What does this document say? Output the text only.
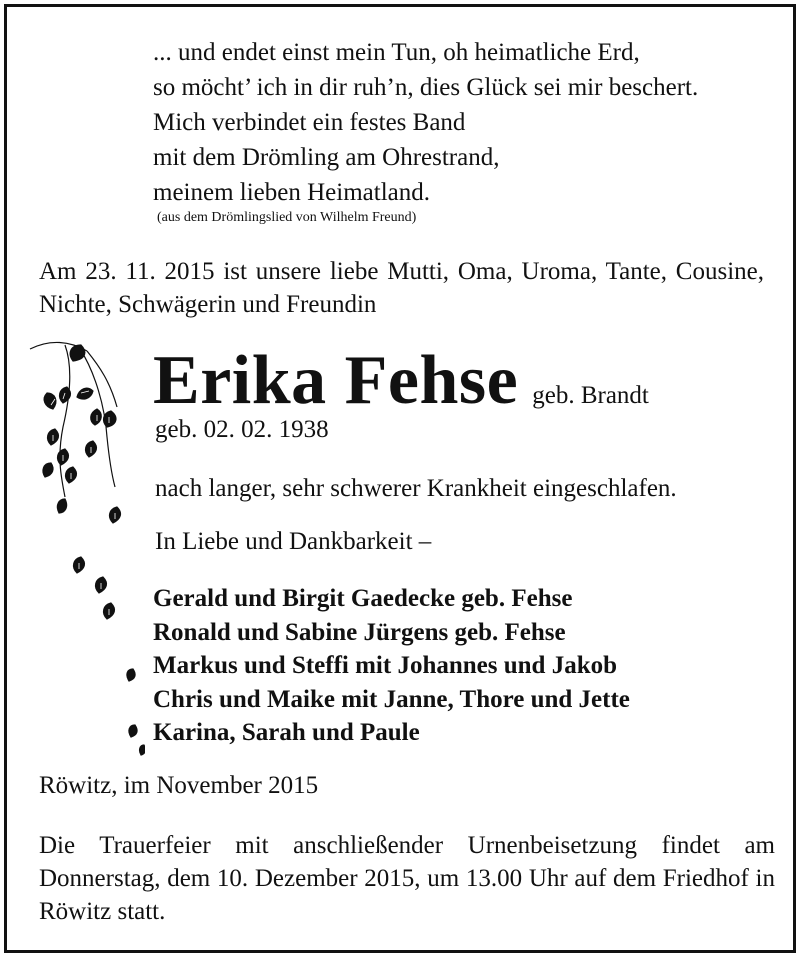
... und endet einst mein Tun, oh heimatliche Erd,
so möcht’ ich in dir ruh’n, dies Glück sei mir beschert.
Mich verbindet ein festes Band
mit dem Drömling am Ohrestrand,
meinem lieben Heimatland.
(aus dem Drömlingslied von Wilhelm Freund)
Am 23. 11. 2015 ist unsere liebe Mutti, Oma, Uroma, Tante, Cousine, Nichte, Schwägerin und Freundin
Erika Fehse geb. Brandt
geb. 02. 02. 1938
nach langer, sehr schwerer Krankheit eingeschlafen.
In Liebe und Dankbarkeit –
Gerald und Birgit Gaedecke geb. Fehse
Ronald und Sabine Jürgens geb. Fehse
Markus und Steffi mit Johannes und Jakob
Chris und Maike mit Janne, Thore und Jette
Karina, Sarah und Paule
Röwitz, im November 2015
Die Trauerfeier mit anschließender Urnenbeisetzung findet am Donnerstag, dem 10. Dezember 2015, um 13.00 Uhr auf dem Friedhof in Röwitz statt.
